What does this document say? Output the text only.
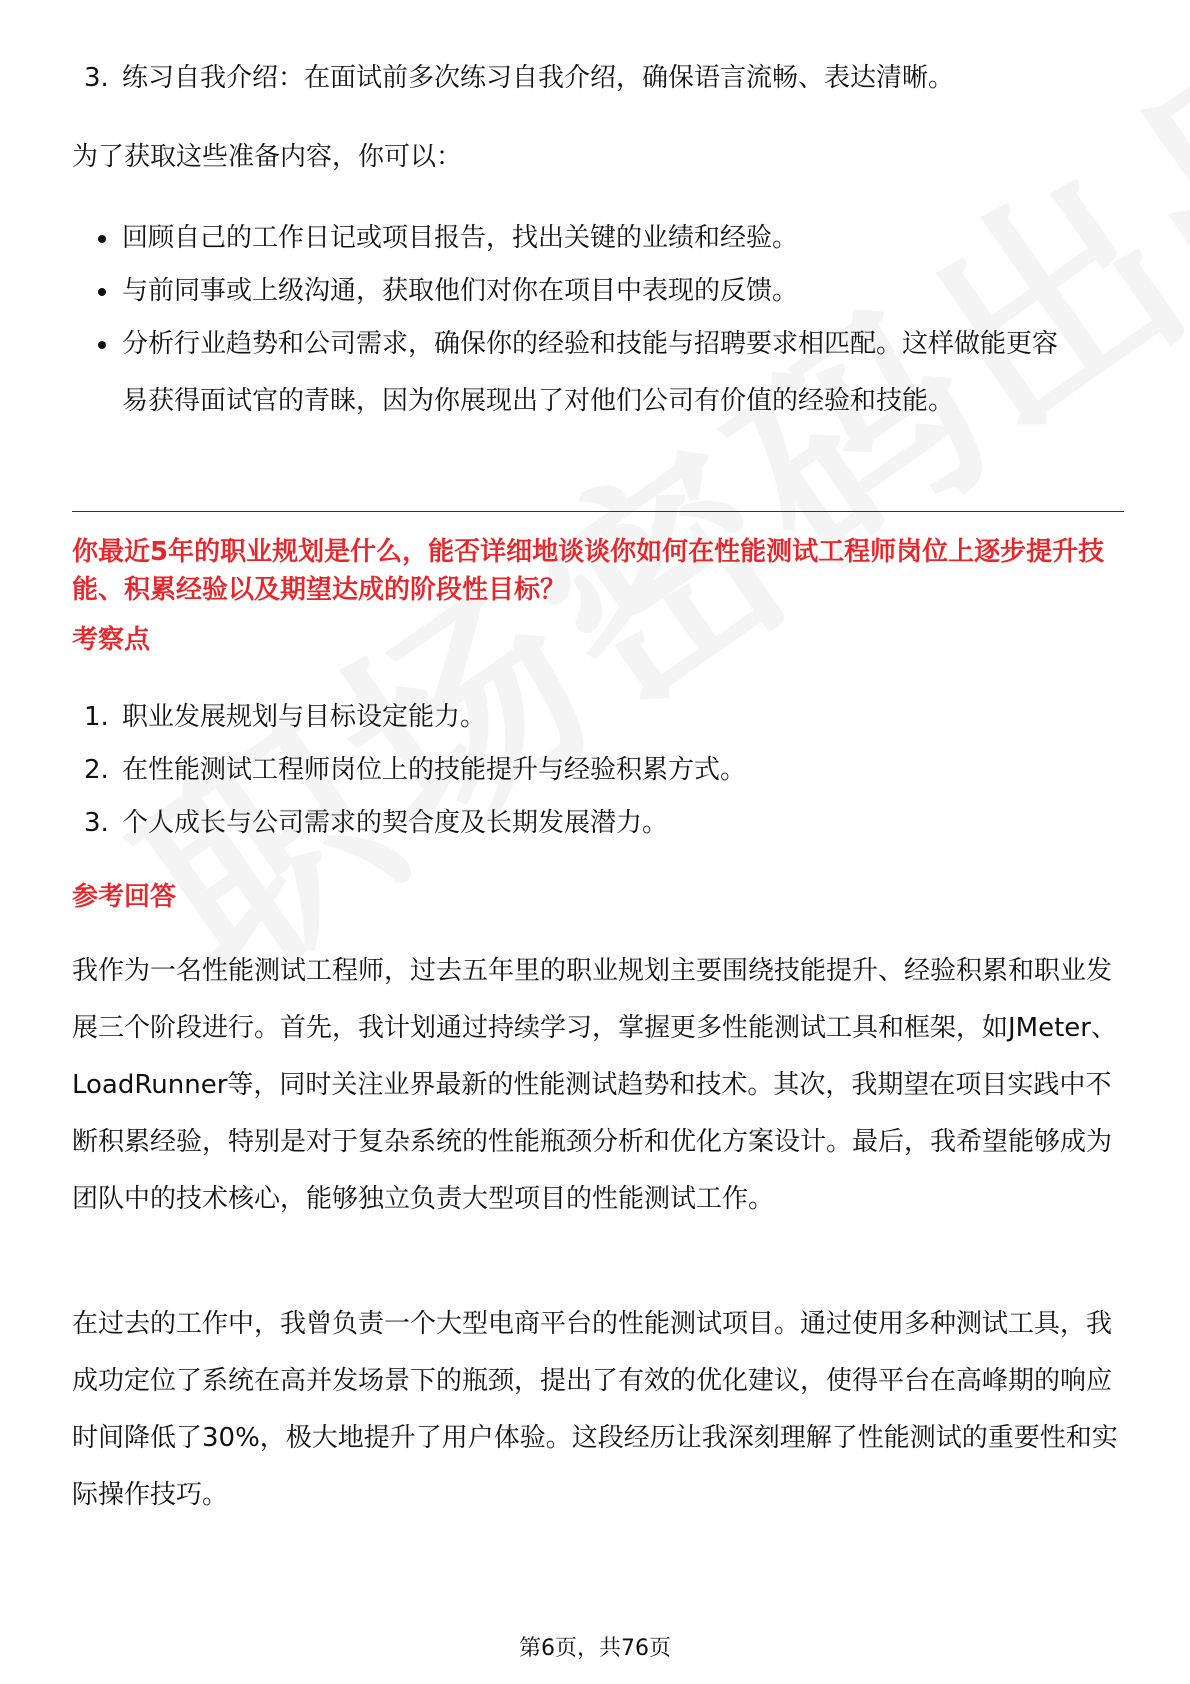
3. 练习自我介绍：在面试前多次练习自我介绍，确保语言流畅、表达清晰。
为了获取这些准备内容，你可以：
回顾自己的工作日记或项目报告，找出关键的业绩和经验。
与前同事或上级沟通，获取他们对你在项目中表现的反馈。
分析行业趋势和公司需求，确保你的经验和技能与招聘要求相匹配。这样做能更容易获得面试官的青睐，因为你展现出了对他们公司有价值的经验和技能。
你最近5年的职业规划是什么，能否详细地谈谈你如何在性能测试工程师岗位上逐步提升技能、积累经验以及期望达成的阶段性目标？
考察点
1. 职业发展规划与目标设定能力。
2. 在性能测试工程师岗位上的技能提升与经验积累方式。
3. 个人成长与公司需求的契合度及长期发展潜力。
参考回答
我作为一名性能测试工程师，过去五年里的职业规划主要围绕技能提升、经验积累和职业发展三个阶段进行。首先，我计划通过持续学习，掌握更多性能测试工具和框架，如JMeter、LoadRunner等，同时关注业界最新的性能测试趋势和技术。其次，我期望在项目实践中不断积累经验，特别是对于复杂系统的性能瓶颈分析和优化方案设计。最后，我希望能够成为团队中的技术核心，能够独立负责大型项目的性能测试工作。
在过去的工作中，我曾负责一个大型电商平台的性能测试项目。通过使用多种测试工具，我成功定位了系统在高并发场景下的瓶颈，提出了有效的优化建议，使得平台在高峰期的响应时间降低了30%，极大地提升了用户体验。这段经历让我深刻理解了性能测试的重要性和实际操作技巧。
第6页，共76页
